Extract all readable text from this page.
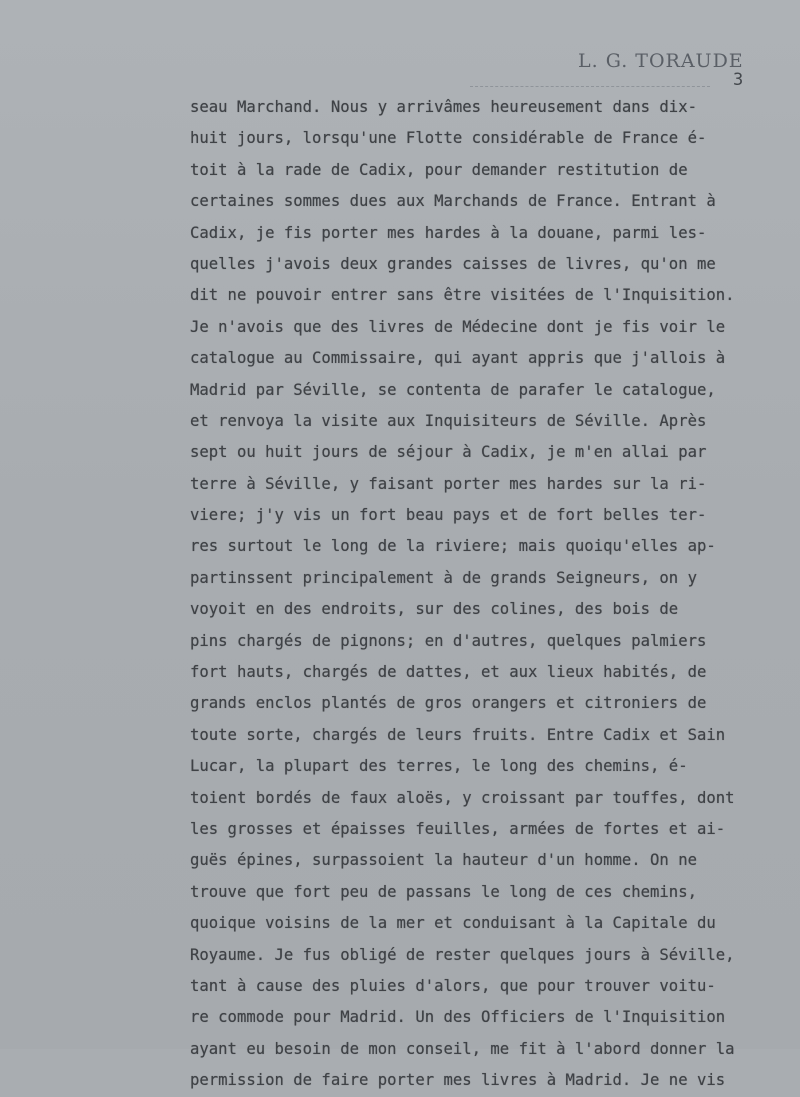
L. G. TORAUDE
3
seau Marchand. Nous y arrivâmes heureusement dans dix-
huit jours, lorsqu'une Flotte considérable de France é-
toit à la rade de Cadix, pour demander restitution de
certaines sommes dues aux Marchands de France. Entrant à
Cadix, je fis porter mes hardes à la douane, parmi les-
quelles j'avois deux grandes caisses de livres, qu'on me
dit ne pouvoir entrer sans être visitées de l'Inquisition.
Je n'avois que des livres de Médecine dont je fis voir le
catalogue au Commissaire, qui ayant appris que j'allois à
Madrid par Séville, se contenta de parafer le catalogue,
et renvoya la visite aux Inquisiteurs de Séville. Après
sept ou huit jours de séjour à Cadix, je m'en allai par
terre à Séville, y faisant porter mes hardes sur la ri-
viere; j'y vis un fort beau pays et de fort belles ter-
res surtout le long de la riviere; mais quoiqu'elles ap-
partinssent principalement à de grands Seigneurs, on y
voyoit en des endroits, sur des colines, des bois de
pins chargés de pignons; en d'autres, quelques palmiers
fort hauts, chargés de dattes, et aux lieux habités, de
grands enclos plantés de gros orangers et citroniers de
toute sorte, chargés de leurs fruits. Entre Cadix et Sain
Lucar, la plupart des terres, le long des chemins, é-
toient bordés de faux aloës, y croissant par touffes, dont
les grosses et épaisses feuilles, armées de fortes et ai-
guës épines, surpassoient la hauteur d'un homme. On ne
trouve que fort peu de passans le long de ces chemins,
quoique voisins de la mer et conduisant à la Capitale du
Royaume. Je fus obligé de rester quelques jours à Séville,
tant à cause des pluies d'alors, que pour trouver voitu-
re commode pour Madrid. Un des Officiers de l'Inquisition
ayant eu besoin de mon conseil, me fit à l'abord donner la
permission de faire porter mes livres à Madrid. Je ne vis
